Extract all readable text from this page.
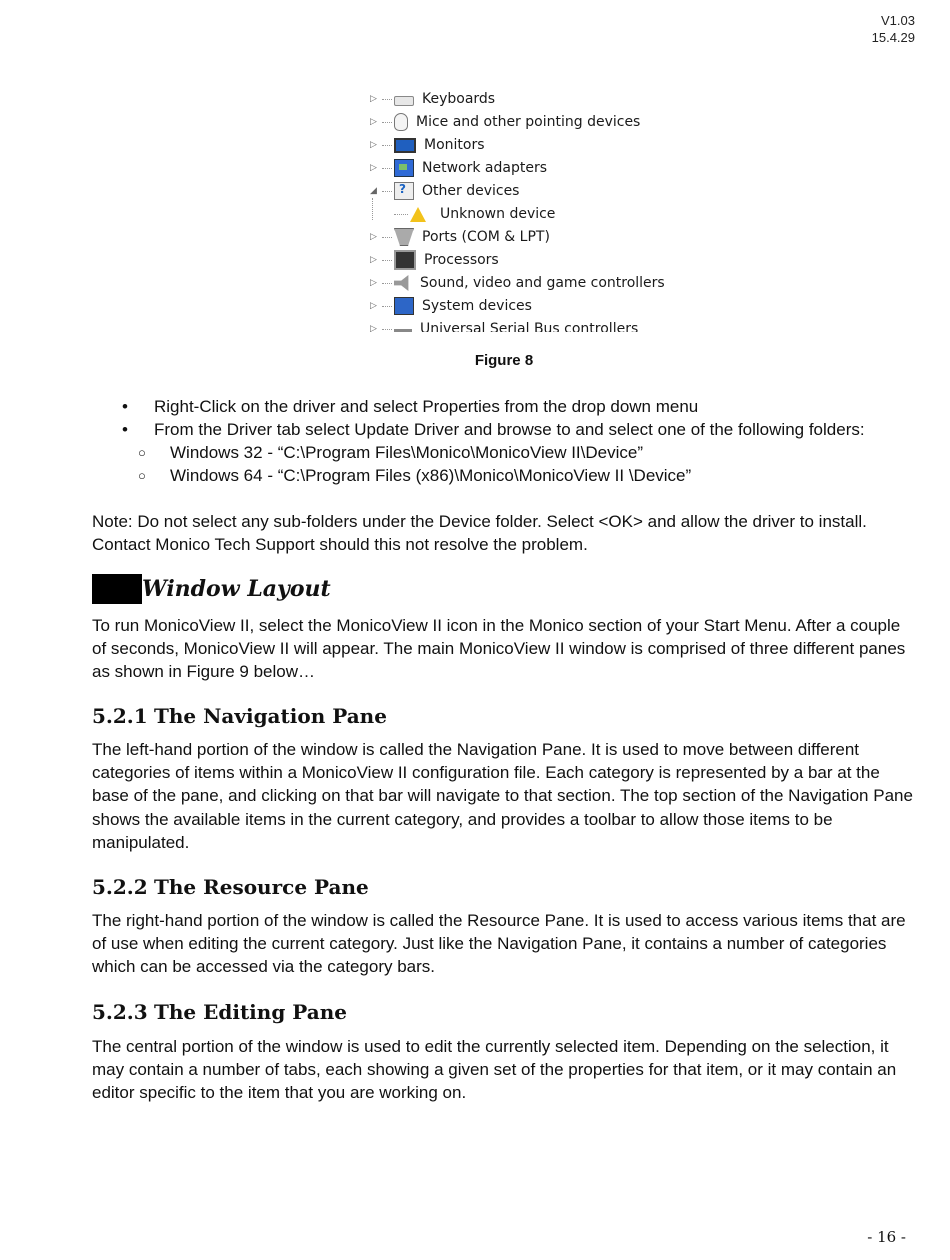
V1.03
15.4.29
▷	Keyboards
▷	Mice and other pointing devices
▷	Monitors
▷	Network adapters
◢
?	Other devices
Unknown device
▷	Ports (COM & LPT)
▷	Processors
▷	Sound, video and game controllers
▷	System devices
▷	Universal Serial Bus controllers
Figure 8
• Right-Click on the driver and select Properties from the drop down menu
• From the Driver tab select Update Driver and browse to and select one of the following folders:
○ Windows 32 - “C:\Program Files\Monico\MonicoView II\Device”
○ Windows 64 - “C:\Program Files (x86)\Monico\MonicoView II \Device”
Note: Do not select any sub-folders under the Device folder. Select <OK> and allow the driver to install. Contact Monico Tech Support should this not resolve the problem.
Window Layout
To run MonicoView II, select the MonicoView II icon in the Monico section of your Start Menu. After a couple of seconds, MonicoView II will appear. The main MonicoView II window is comprised of three different panes as shown in Figure 9 below…
5.2.1 The Navigation Pane
The left-hand portion of the window is called the Navigation Pane. It is used to move between different categories of items within a MonicoView II configuration file. Each category is represented by a bar at the base of the pane, and clicking on that bar will navigate to that section. The top section of the Navigation Pane shows the available items in the current category, and provides a toolbar to allow those items to be manipulated.
5.2.2 The Resource Pane
The right-hand portion of the window is called the Resource Pane. It is used to access various items that are of use when editing the current category. Just like the Navigation Pane, it contains a number of categories which can be accessed via the category bars.
5.2.3 The Editing Pane
The central portion of the window is used to edit the currently selected item. Depending on the selection, it may contain a number of tabs, each showing a given set of the properties for that item, or it may contain an editor specific to the item that you are working on.
- 16 -
